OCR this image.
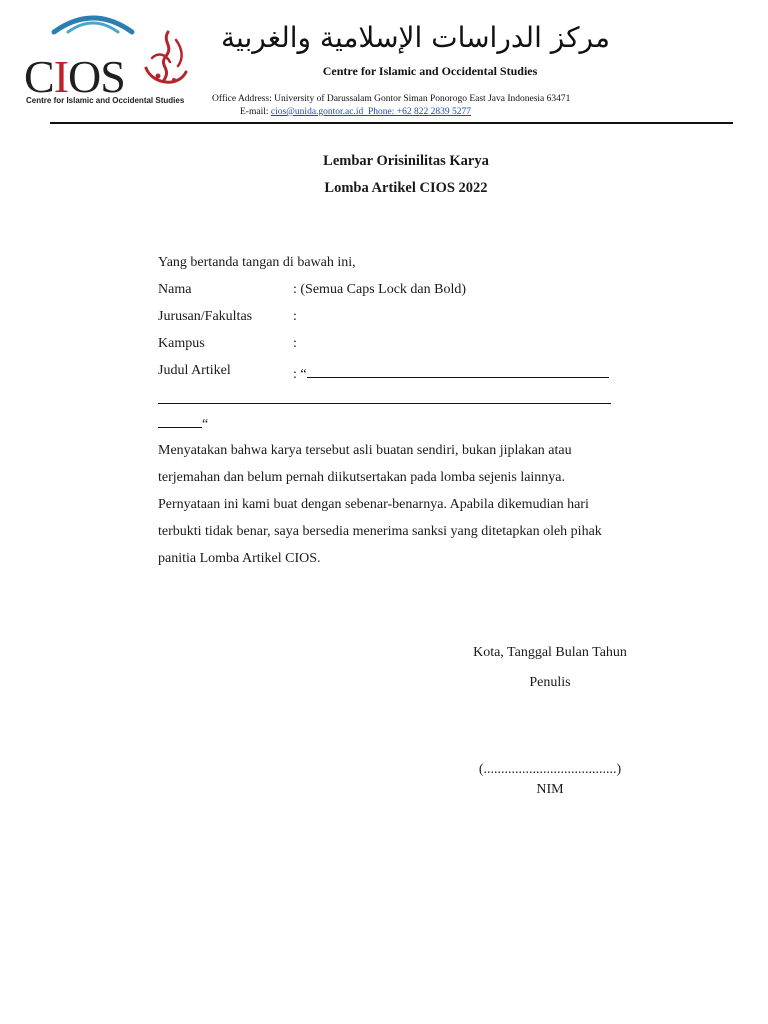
CIOS
Centre for Islamic and Occidental Studies
مركز الدراسات الإسلامية والغربية
Centre for Islamic and Occidental Studies
Office Address: University of Darussalam Gontor Siman Ponorogo East Java Indonesia 63471
E-mail: cios@unida.gontor.ac.id Phone: +62 822 2839 5277
Lembar Orisinilitas Karya
Lomba Artikel CIOS 2022
Yang bertanda tangan di bawah ini,
Nama	: (Semua Caps Lock dan Bold)
Jurusan/Fakultas	:
Kampus	:
Judul Artikel	: “
“
Menyatakan bahwa karya tersebut asli buatan sendiri, bukan jiplakan atau
terjemahan dan belum pernah diikutsertakan pada lomba sejenis lainnya.
Pernyataan ini kami buat dengan sebenar-benarnya. Apabila dikemudian hari
terbukti tidak benar, saya bersedia menerima sanksi yang ditetapkan oleh pihak
panitia Lomba Artikel CIOS.
Kota, Tanggal Bulan Tahun
Penulis
(......................................)
NIM
